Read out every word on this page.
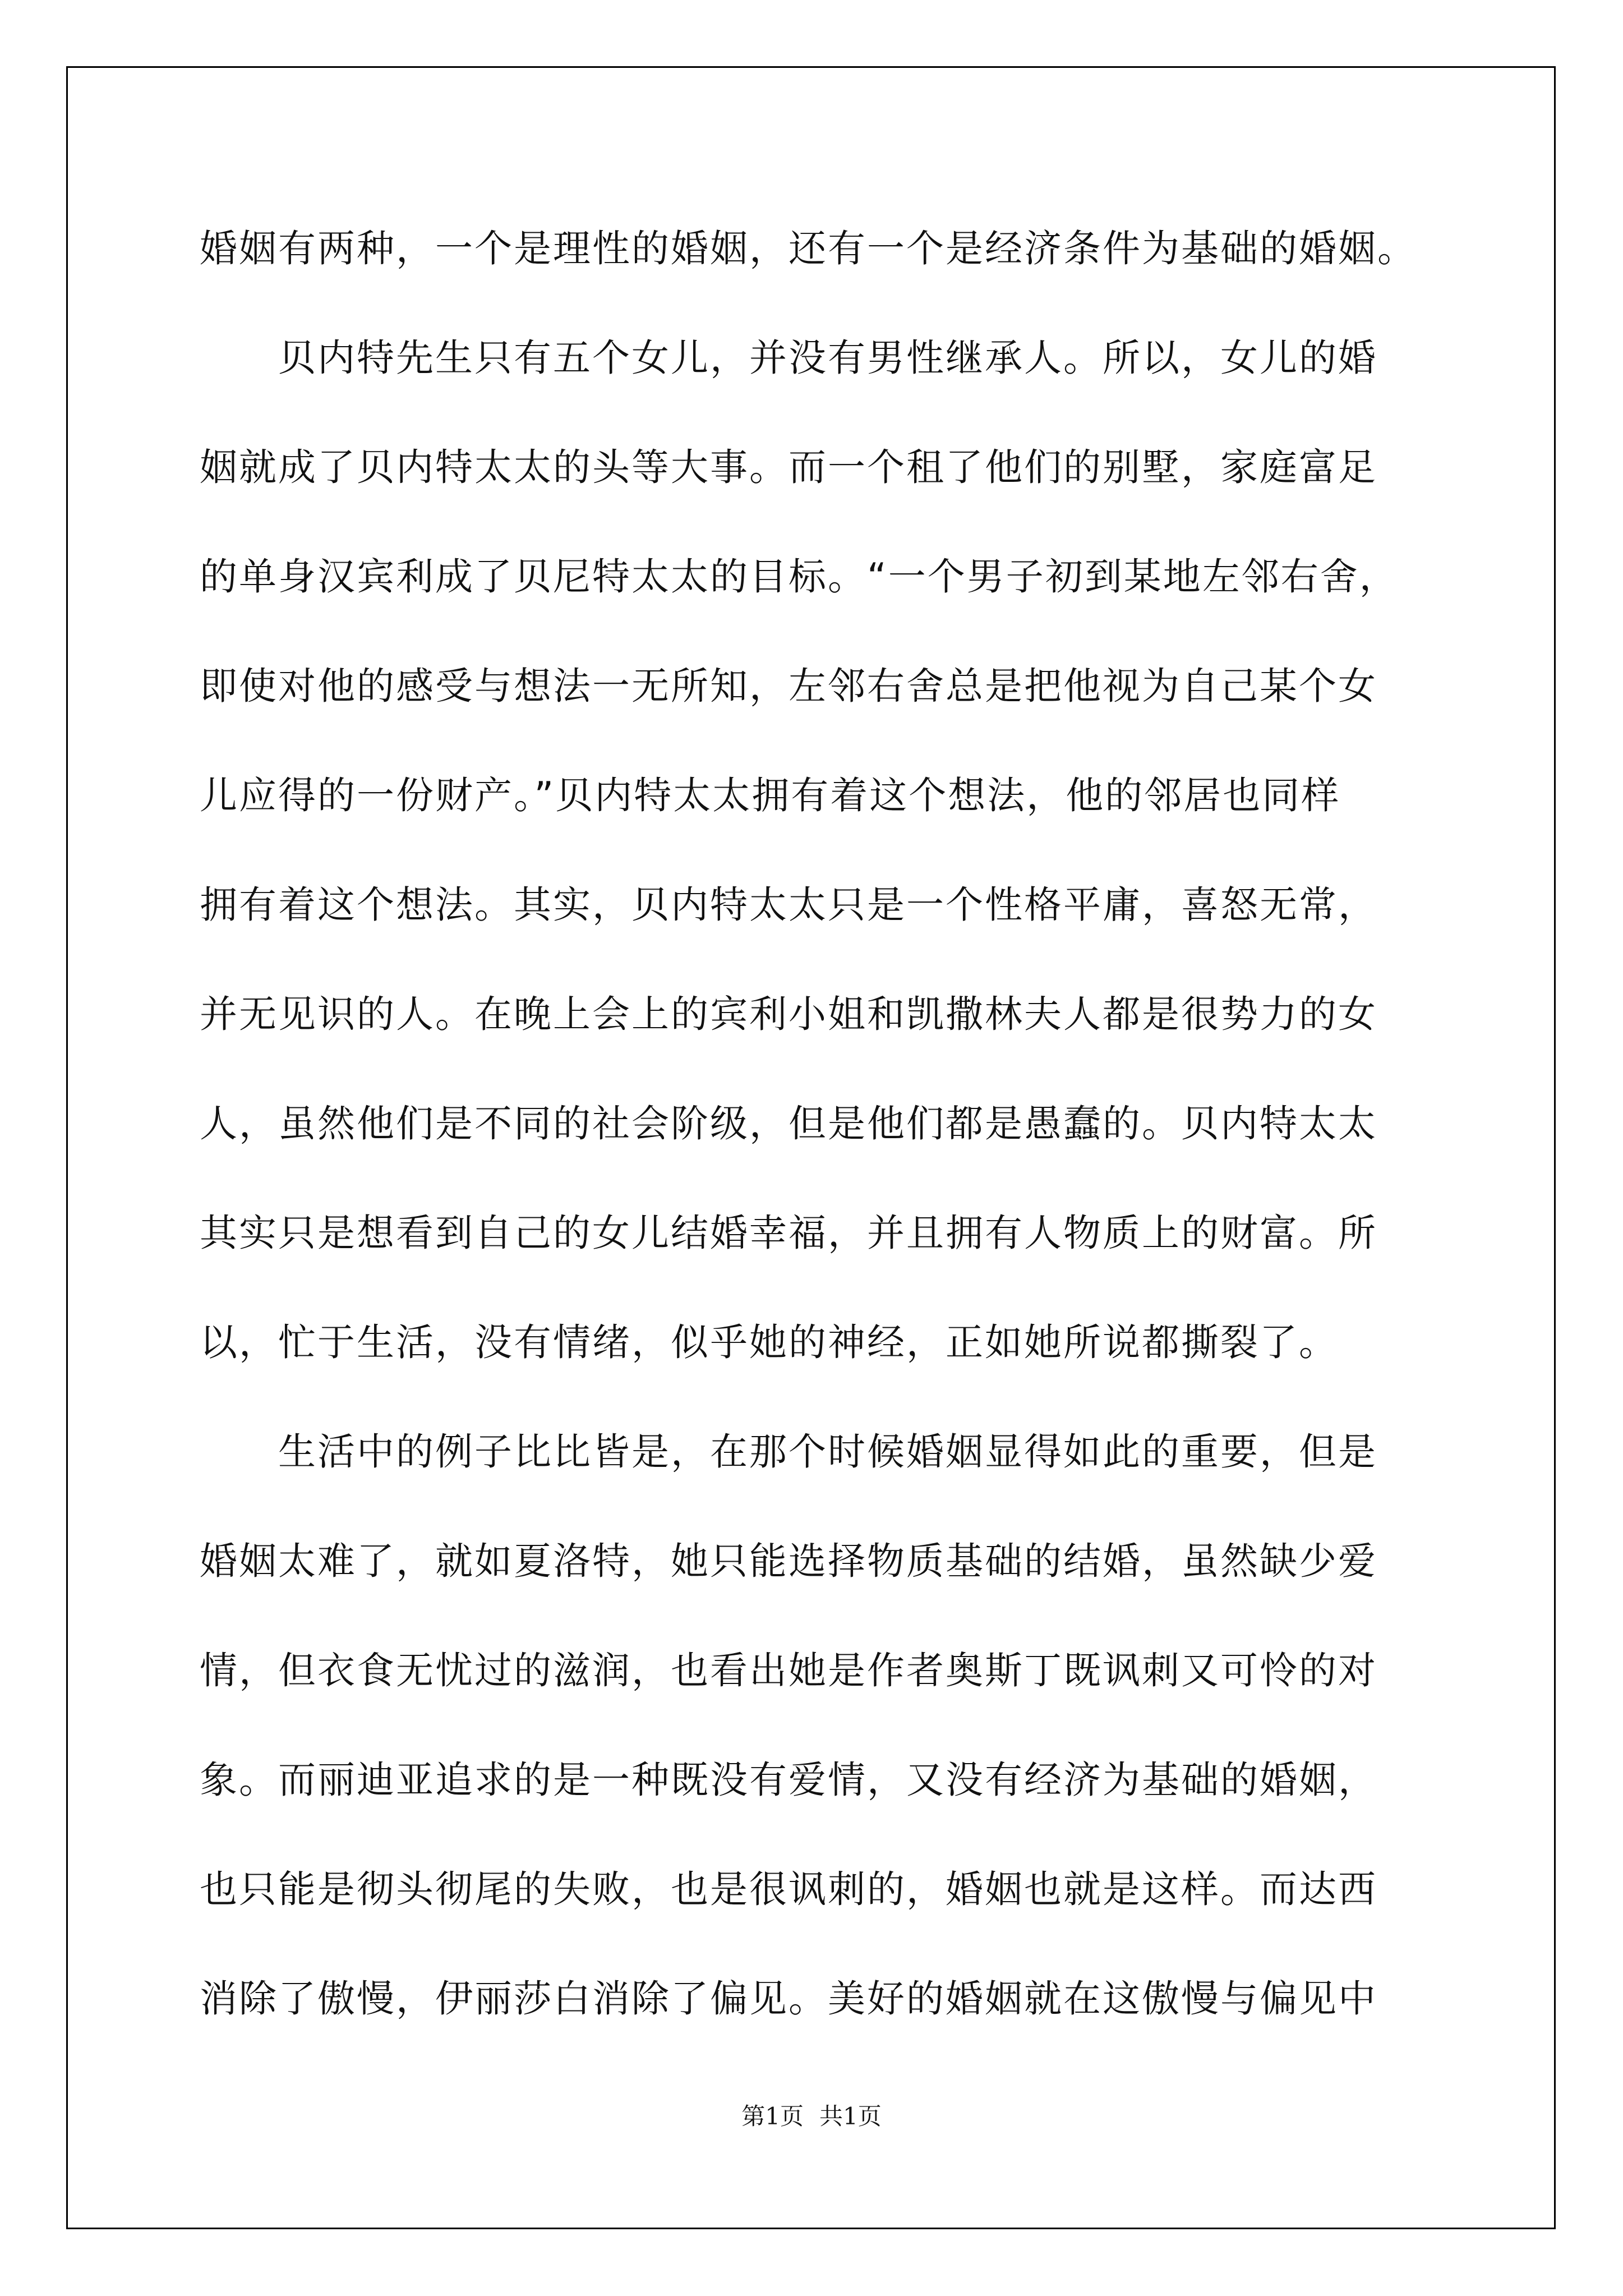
婚姻有两种，一个是理性的婚姻，还有一个是经济条件为基础的婚姻。
贝内特先生只有五个女儿，并没有男性继承人。所以，女儿的婚
姻就成了贝内特太太的头等大事。而一个租了他们的别墅，家庭富足
的单身汉宾利成了贝尼特太太的目标。“一个男子初到某地左邻右舍，
即使对他的感受与想法一无所知，左邻右舍总是把他视为自己某个女
儿应得的一份财产。”贝内特太太拥有着这个想法，他的邻居也同样
拥有着这个想法。其实，贝内特太太只是一个性格平庸，喜怒无常，
并无见识的人。在晚上会上的宾利小姐和凯撒林夫人都是很势力的女
人，虽然他们是不同的社会阶级，但是他们都是愚蠢的。贝内特太太
其实只是想看到自己的女儿结婚幸福，并且拥有人物质上的财富。所
以，忙于生活，没有情绪，似乎她的神经，正如她所说都撕裂了。
生活中的例子比比皆是，在那个时候婚姻显得如此的重要，但是
婚姻太难了，就如夏洛特，她只能选择物质基础的结婚，虽然缺少爱
情，但衣食无忧过的滋润，也看出她是作者奥斯丁既讽刺又可怜的对
象。而丽迪亚追求的是一种既没有爱情，又没有经济为基础的婚姻，
也只能是彻头彻尾的失败，也是很讽刺的，婚姻也就是这样。而达西
消除了傲慢，伊丽莎白消除了偏见。美好的婚姻就在这傲慢与偏见中
第1页 共1页
